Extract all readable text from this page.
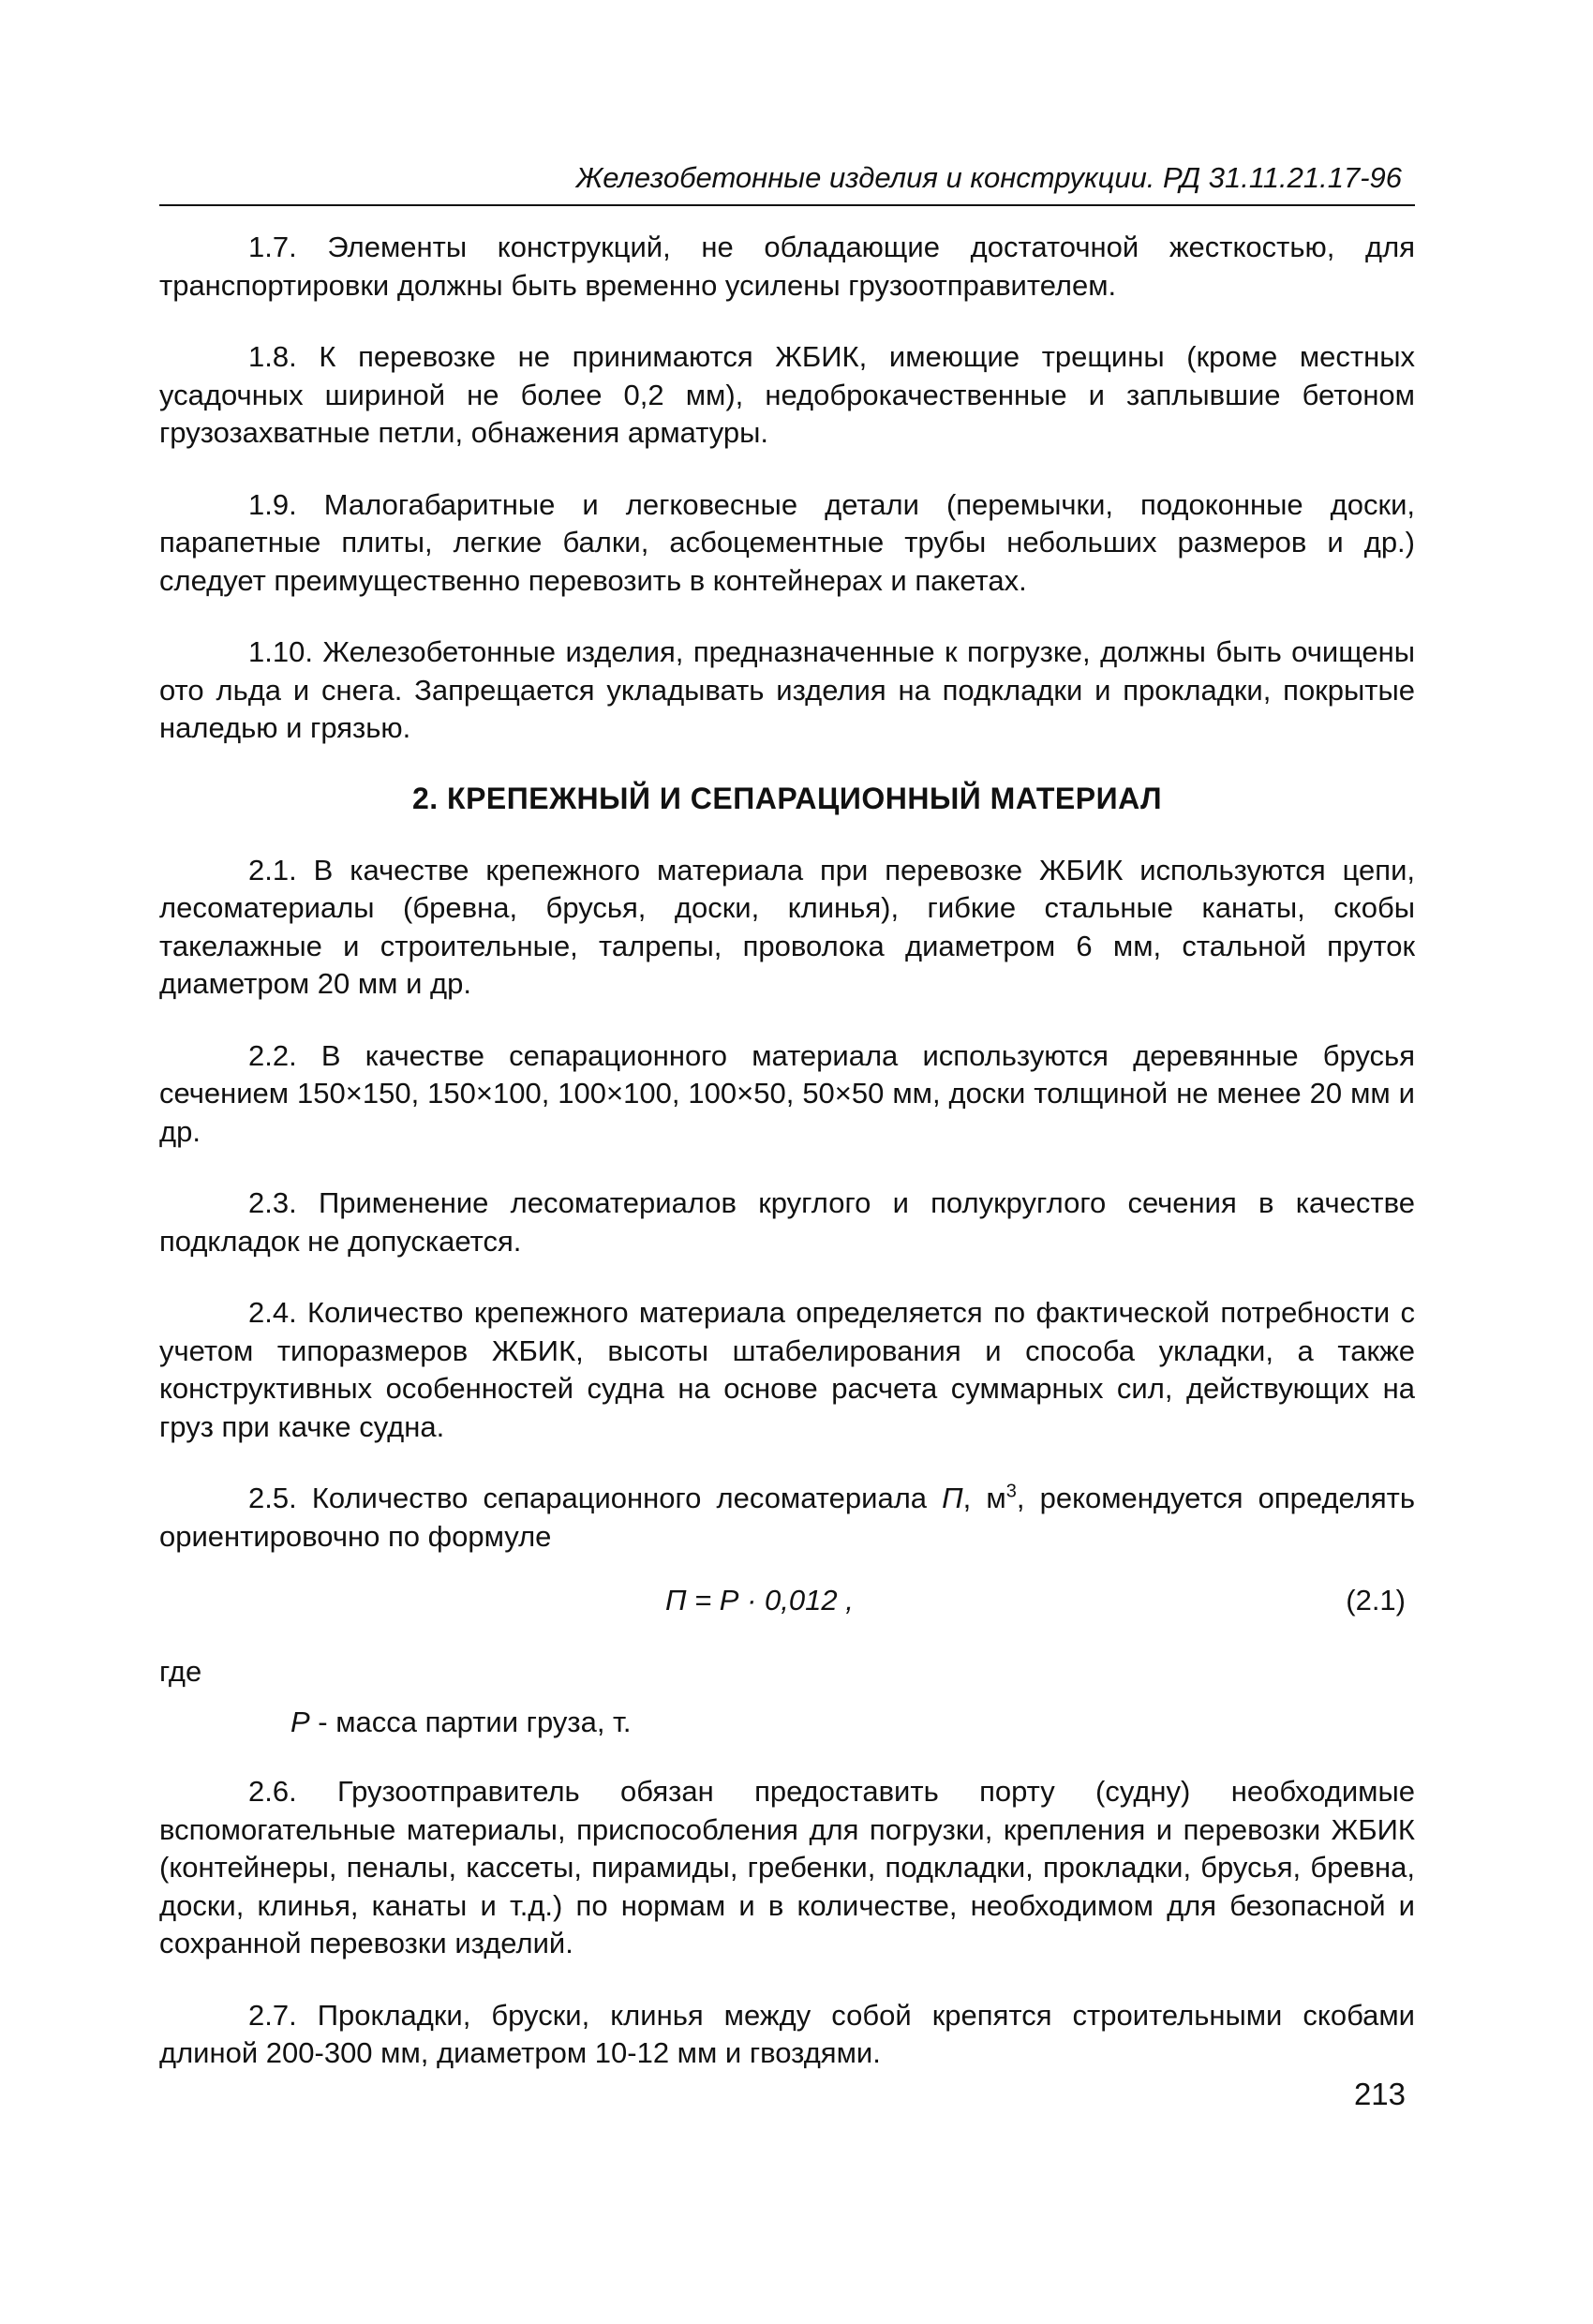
Железобетонные изделия и конструкции. РД 31.11.21.17-96

1.7. Элементы конструкций, не обладающие достаточной жесткостью, для транспортировки должны быть временно усилены грузоотправителем.

1.8. К перевозке не принимаются ЖБИК, имеющие трещины (кроме местных усадочных шириной не более 0,2 мм), недоброкачественные и заплывшие бетоном грузозахватные петли, обнажения арматуры.

1.9. Малогабаритные и легковесные детали (перемычки, подоконные доски, парапетные плиты, легкие балки, асбоцементные трубы небольших размеров и др.) следует преимущественно перевозить в контейнерах и пакетах.

1.10. Железобетонные изделия, предназначенные к погрузке, должны быть очищены ото льда и снега. Запрещается укладывать изделия на подкладки и прокладки, покрытые наледью и грязью.

2. КРЕПЕЖНЫЙ И СЕПАРАЦИОННЫЙ МАТЕРИАЛ

2.1. В качестве крепежного материала при перевозке ЖБИК используются цепи, лесоматериалы (бревна, брусья, доски, клинья), гибкие стальные канаты, скобы такелажные и строительные, талрепы, проволока диаметром 6 мм, стальной пруток диаметром 20 мм и др.

2.2. В качестве сепарационного материала используются деревянные брусья сечением 150×150, 150×100, 100×100, 100×50, 50×50 мм, доски толщиной не менее 20 мм и др.

2.3. Применение лесоматериалов круглого и полукруглого сечения в качестве подкладок не допускается.

2.4. Количество крепежного материала определяется по фактической потребности с учетом типоразмеров ЖБИК, высоты штабелирования и способа укладки, а также конструктивных особенностей судна на основе расчета суммарных сил, действующих на груз при качке судна.

2.5. Количество сепарационного лесоматериала П, $м^3$, рекомендуется определять ориентировочно по формуле

П = Р · 0,012 ,	(2.1)
где
Р - масса партии груза, т.

2.6. Грузоотправитель обязан предоставить порту (судну) необходимые вспомогательные материалы, приспособления для погрузки, крепления и перевозки ЖБИК (контейнеры, пеналы, кассеты, пирамиды, гребенки, подкладки, прокладки, брусья, бревна, доски, клинья, канаты и т.д.) по нормам и в количестве, необходимом для безопасной и сохранной перевозки изделий.

2.7. Прокладки, бруски, клинья между собой крепятся строительными скобами длиной 200-300 мм, диаметром 10-12 мм и гвоздями.

213
